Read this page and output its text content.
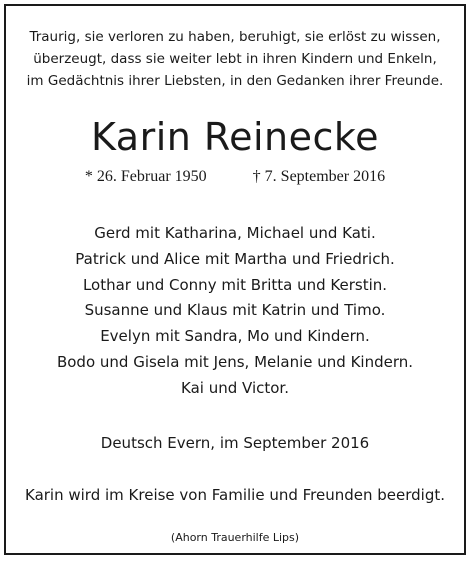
Traurig, sie verloren zu haben, beruhigt, sie erlöst zu wissen,
überzeugt, dass sie weiter lebt in ihren Kindern und Enkeln,
im Gedächtnis ihrer Liebsten, in den Gedanken ihrer Freunde.
Karin Reinecke
* 26. Februar 1950	† 7. September 2016
Gerd mit Katharina, Michael und Kati.
Patrick und Alice mit Martha und Friedrich.
Lothar und Conny mit Britta und Kerstin.
Susanne und Klaus mit Katrin und Timo.
Evelyn mit Sandra, Mo und Kindern.
Bodo und Gisela mit Jens, Melanie und Kindern.
Kai und Victor.
Deutsch Evern, im September 2016
Karin wird im Kreise von Familie und Freunden beerdigt.
(Ahorn Trauerhilfe Lips)
